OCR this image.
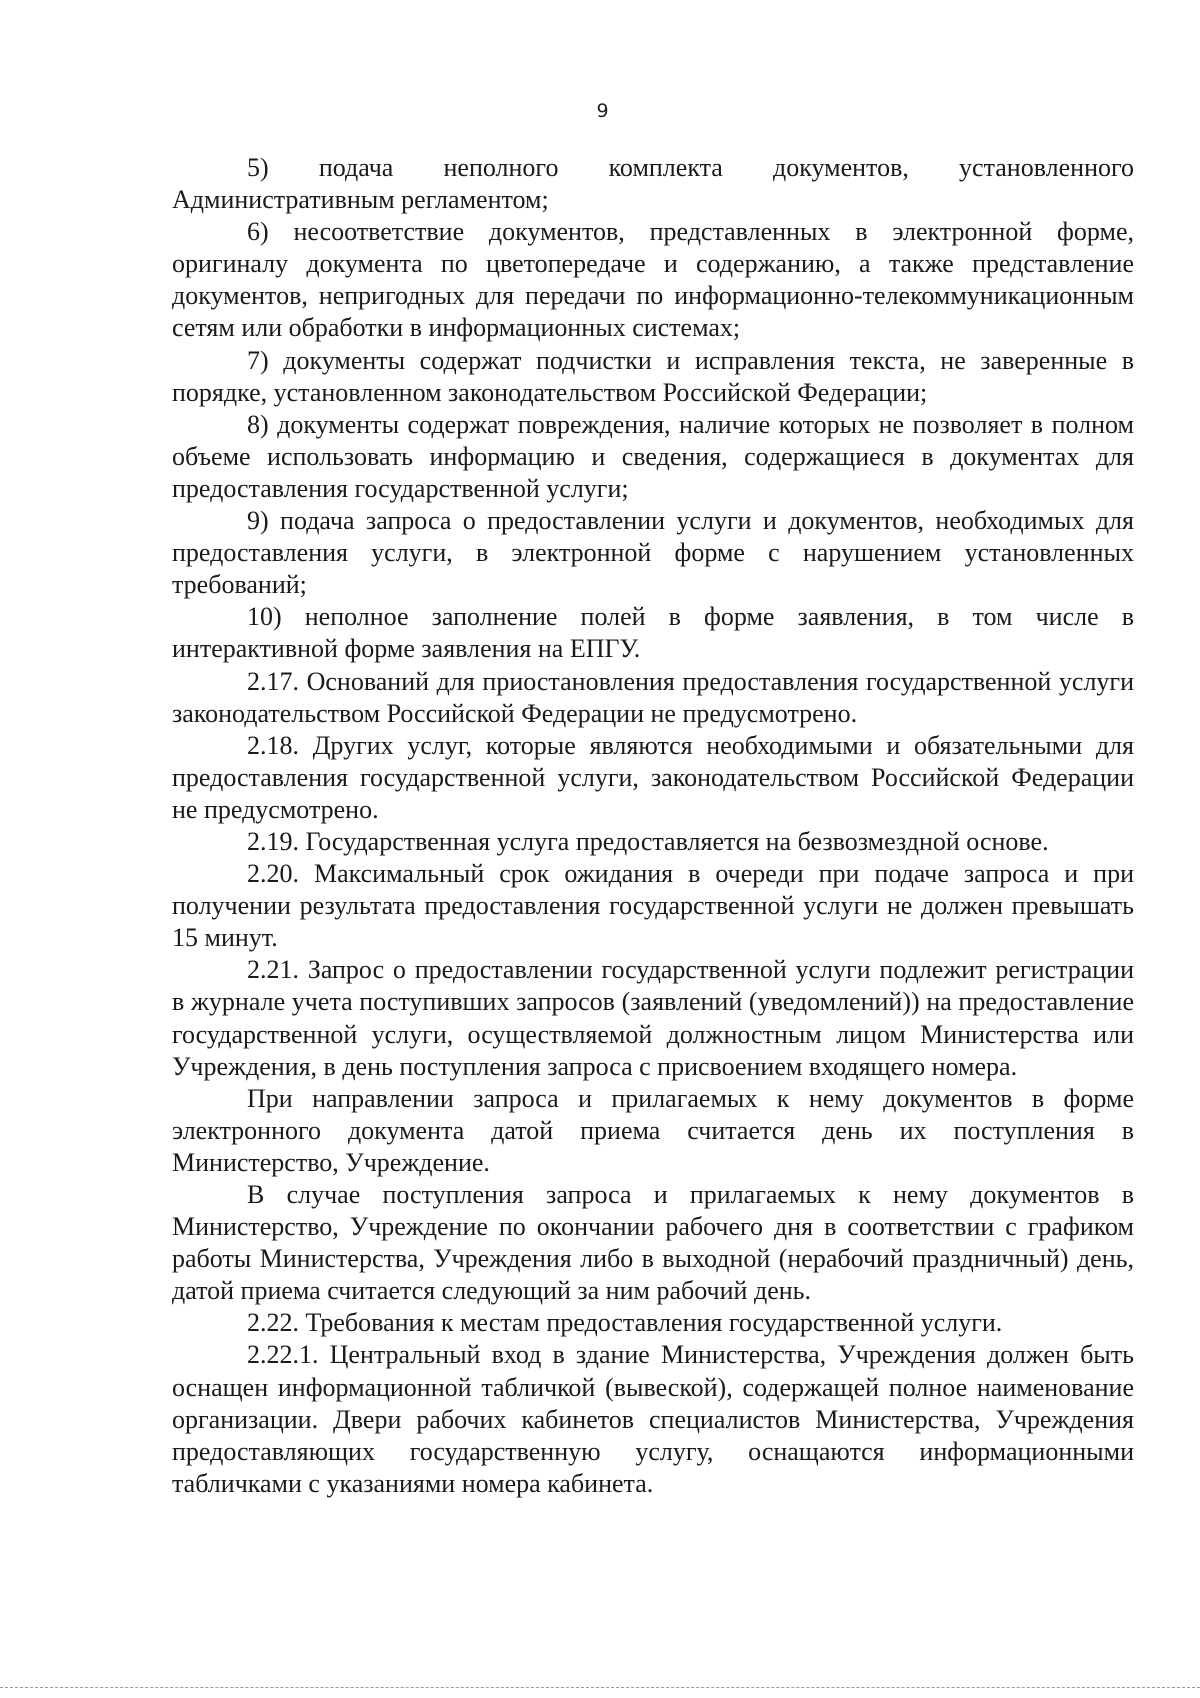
9

5) подача неполного комплекта документов, установленного Административным регламентом;

6) несоответствие документов, представленных в электронной форме, оригиналу документа по цветопередаче и содержанию, а также представление документов, непригодных для передачи по информационно-телекоммуникационным сетям или обработки в информационных системах;

7) документы содержат подчистки и исправления текста, не заверенные в порядке, установленном законодательством Российской Федерации;

8) документы содержат повреждения, наличие которых не позволяет в полном объеме использовать информацию и сведения, содержащиеся в документах для предоставления государственной услуги;

9) подача запроса о предоставлении услуги и документов, необходимых для предоставления услуги, в электронной форме с нарушением установленных требований;

10) неполное заполнение полей в форме заявления, в том числе в интерактивной форме заявления на ЕПГУ.

2.17. Оснований для приостановления предоставления государственной услуги законодательством Российской Федерации не предусмотрено.

2.18. Других услуг, которые являются необходимыми и обязательными для предоставления государственной услуги, законодательством Российской Федерации не предусмотрено.

2.19. Государственная услуга предоставляется на безвозмездной основе.

2.20. Максимальный срок ожидания в очереди при подаче запроса и при получении результата предоставления государственной услуги не должен превышать 15 минут.

2.21. Запрос о предоставлении государственной услуги подлежит регистрации в журнале учета поступивших запросов (заявлений (уведомлений)) на предоставление государственной услуги, осуществляемой должностным лицом Министерства или Учреждения, в день поступления запроса с присвоением входящего номера.

При направлении запроса и прилагаемых к нему документов в форме электронного документа датой приема считается день их поступления в Министерство, Учреждение.

В случае поступления запроса и прилагаемых к нему документов в Министерство, Учреждение по окончании рабочего дня в соответствии с графиком работы Министерства, Учреждения либо в выходной (нерабочий праздничный) день, датой приема считается следующий за ним рабочий день.

2.22. Требования к местам предоставления государственной услуги.

2.22.1. Центральный вход в здание Министерства, Учреждения должен быть оснащен информационной табличкой (вывеской), содержащей полное наименование организации. Двери рабочих кабинетов специалистов Министерства, Учреждения предоставляющих государственную услугу, оснащаются информационными табличками с указаниями номера кабинета.
